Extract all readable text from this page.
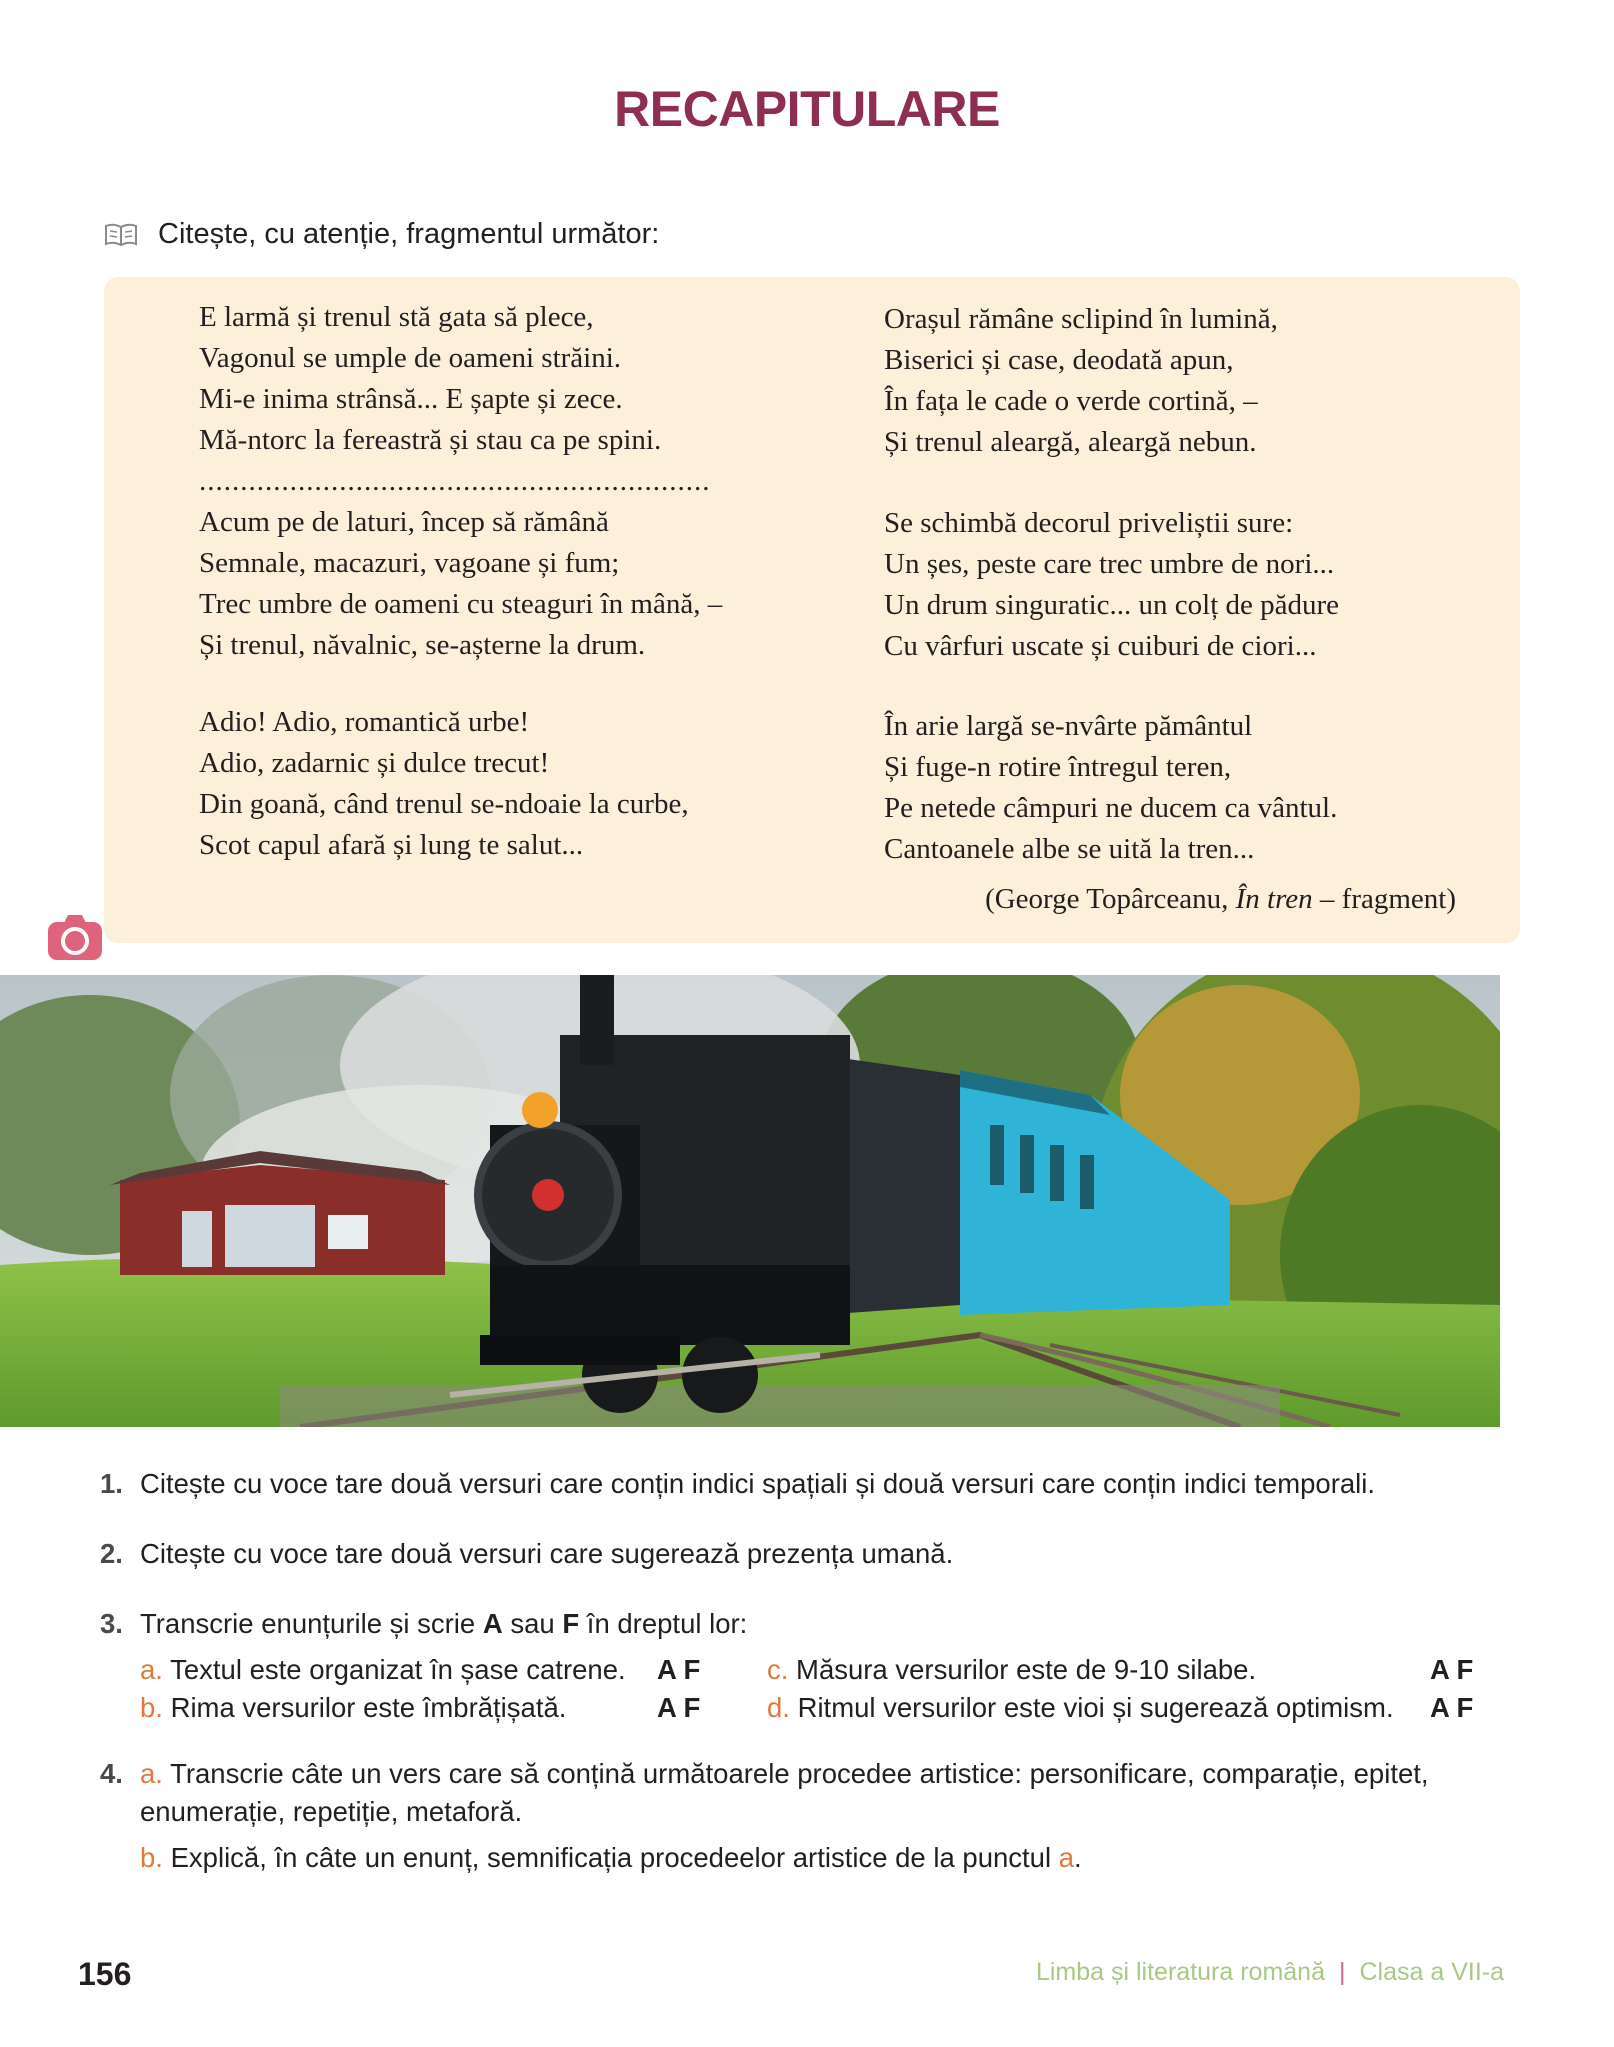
RECAPITULARE
Citește, cu atenție, fragmentul următor:
E larmă și trenul stă gata să plece,
Vagonul se umple de oameni străini.
Mi-e inima strânsă... E șapte și zece.
Mă-ntorc la fereastră și stau ca pe spini.
..............................................................
Acum pe de laturi, încep să rămână
Semnale, macazuri, vagoane și fum;
Trec umbre de oameni cu steaguri în mână, –
Și trenul, năvalnic, se-așterne la drum.
Adio! Adio, romantică urbe!
Adio, zadarnic și dulce trecut!
Din goană, când trenul se-ndoaie la curbe,
Scot capul afară și lung te salut...
Orașul rămâne sclipind în lumină,
Biserici și case, deodată apun,
În fața le cade o verde cortină, –
Și trenul aleargă, aleargă nebun.
Se schimbă decorul priveliștii sure:
Un șes, peste care trec umbre de nori...
Un drum singuratic... un colț de pădure
Cu vârfuri uscate și cuiburi de ciori...
În arie largă se-nvârte pământul
Și fuge-n rotire întregul teren,
Pe netede câmpuri ne ducem ca vântul.
Cantoanele albe se uită la tren...
(George Topârceanu, În tren – fragment)
1. Citește cu voce tare două versuri care conțin indici spațiali și două versuri care conțin indici temporali.
2. Citește cu voce tare două versuri care sugerează prezența umană.
3. Transcrie enunțurile și scrie A sau F în dreptul lor:
a. Textul este organizat în șase catrene. A F
b. Rima versurilor este îmbrățișată.	A F
c. Măsura versurilor este de 9-10 silabe.	A F
d. Ritmul versurilor este vioi și sugerează optimism. A F
4. a. Transcrie câte un vers care să conțină următoarele procedee artistice: personificare, comparație, epitet,
enumerație, repetiție, metaforă.
b. Explică, în câte un enunț, semnificația procedeelor artistice de la punctul a.
156	Limba și literatura română | Clasa a VII-a
